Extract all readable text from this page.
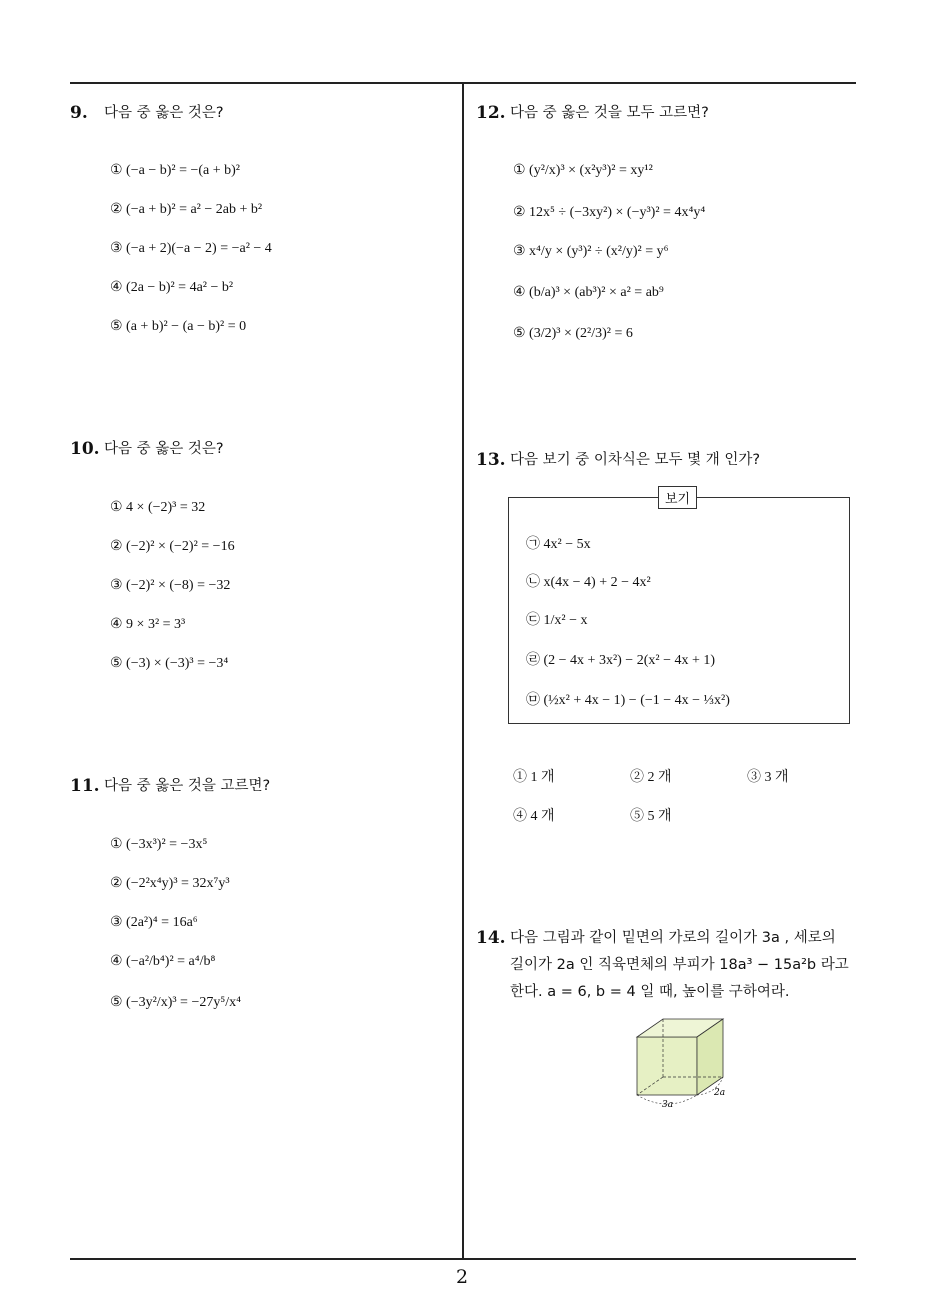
9. 다음 중 옳은 것은?
① (−a − b)² = −(a + b)²
② (−a + b)² = a² − 2ab + b²
③ (−a + 2)(−a − 2) = −a² − 4
④ (2a − b)² = 4a² − b²
⑤ (a + b)² − (a − b)² = 0
10. 다음 중 옳은 것은?
① 4 × (−2)³ = 32
② (−2)² × (−2)² = −16
③ (−2)² × (−8) = −32
④ 9 × 3² = 3³
⑤ (−3) × (−3)³ = −3⁴
11. 다음 중 옳은 것을 고르면?
① (−3x³)² = −3x⁵
② (−2²x⁴y)³ = 32x⁷y³
③ (2a²)⁴ = 16a⁶
④ (−a²/b⁴)² = a⁴/b⁸
⑤ (−3y²/x)³ = −27y⁵/x⁴
12. 다음 중 옳은 것을 모두 고르면?
① (y²/x)³ × (x²y³)² = xy¹²
② 12x⁵ ÷ (−3xy²) × (−y³)² = 4x⁴y⁴
③ x⁴/y × (y³)² ÷ (x²/y)² = y⁶
④ (b/a)³ × (ab³)² × a² = ab⁹
⑤ (3/2)³ × (2²/3)² = 6
13. 다음 보기 중 이차식은 모두 몇 개 인가?
보기
㉠ 4x² − 5x
㉡ x(4x − 4) + 2 − 4x²
㉢ 1/x² − x
㉣ (2 − 4x + 3x²) − 2(x² − 4x + 1)
㉤ (½x² + 4x − 1) − (−1 − 4x − ⅓x²)
① 1 개	② 2 개	③ 3 개
④ 4 개	⑤ 5 개
14. 다음 그림과 같이 밑면의 가로의 길이가 3a , 세로의
길이가 2a 인 직육면체의 부피가 18a³ − 15a²b 라고
한다. a = 6, b = 4 일 때, 높이를 구하여라.
3a
2a
2
